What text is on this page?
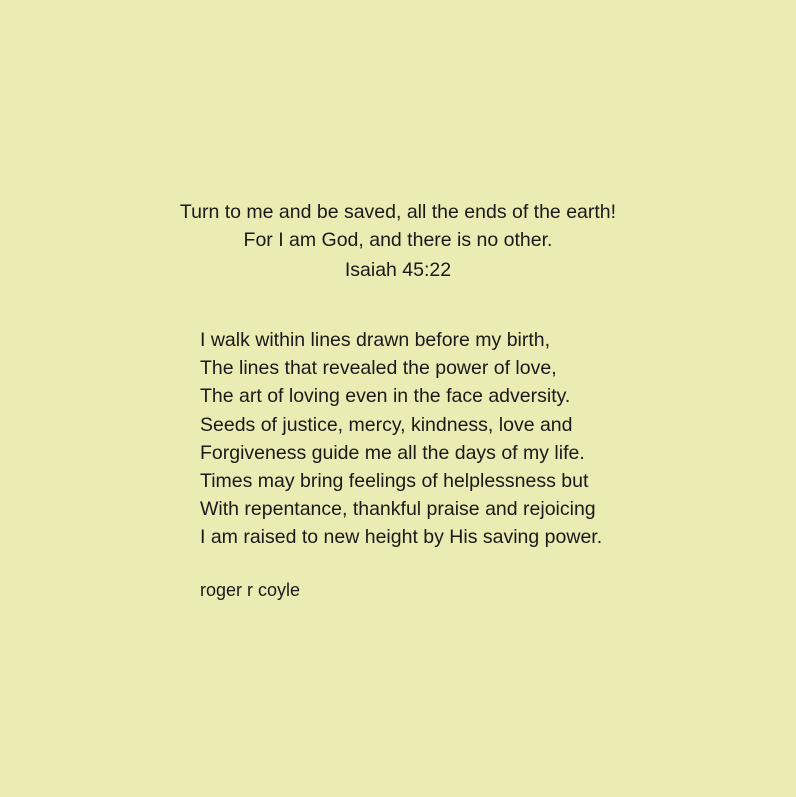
Turn to me and be saved, all the ends of the earth!
For I am God, and there is no other.
Isaiah 45:22
I walk within lines drawn before my birth,
The lines that revealed the power of love,
The art of loving even in the face adversity.
Seeds of justice, mercy, kindness, love and
Forgiveness guide me all the days of my life.
Times may bring feelings of helplessness but
With repentance, thankful praise and rejoicing
I am raised to new height by His saving power.
roger r coyle
